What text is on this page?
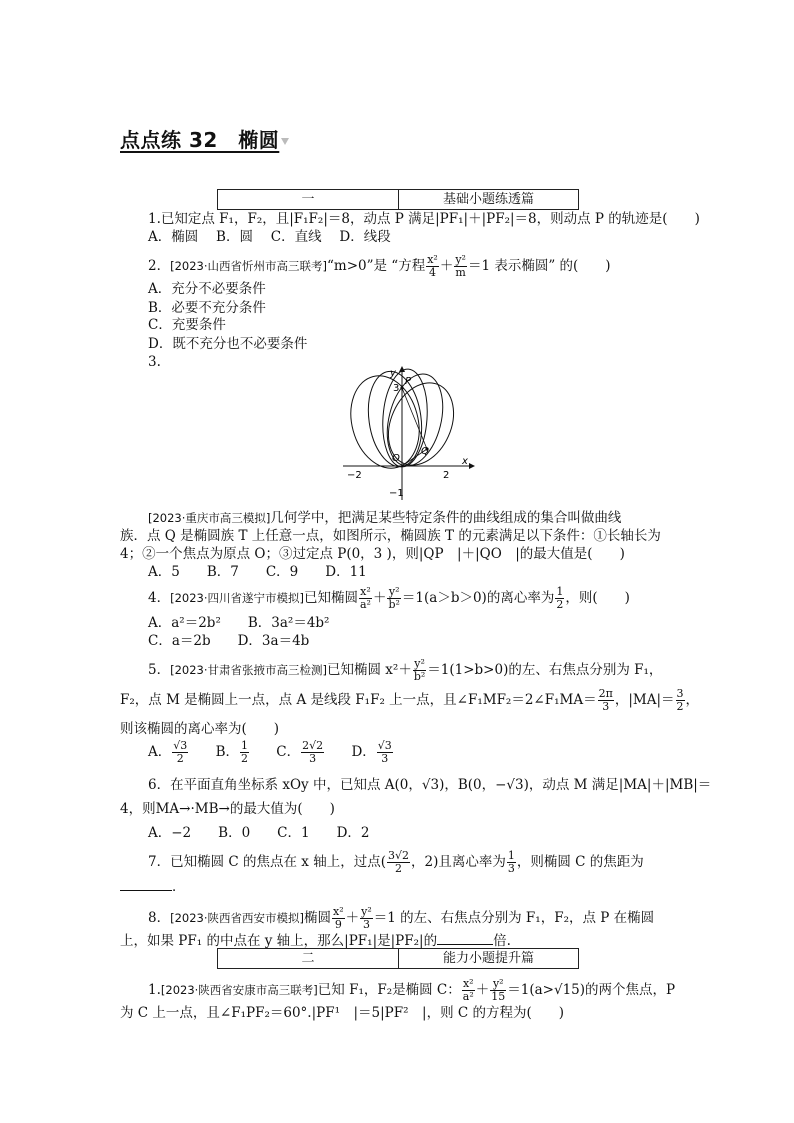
点点练 32　椭圆
一	基础小题练透篇
1.已知定点 F₁，F₂，且|F₁F₂|＝8，动点 P 满足|PF₁|＋|PF₂|＝8，则动点 P 的轨迹是(　　)
A．椭圆　 B．圆　 C．直线　 D．线段
2．[2023·山西省忻州市高三联考]“m>0”是 “方程 $\frac{\text{x²}}{4} + \frac{\text{y²}}{m} =1$ 表示椭圆” 的(　　)
A．充分不必要条件
B．必要不充分条件
C．充要条件
D．既不充分也不必要条件
3.
y
P
3
Q
O	x
−2	2
−1
[2023·重庆市高三模拟]几何学中，把满足某些特定条件的曲线组成的集合叫做曲线
族．点 Q 是椭圆族 T 上任意一点，如图所示，椭圆族 T 的元素满足以下条件：①长轴长为
4；②一个焦点为原点 O；③过定点 P(0，3 )，则|QP　|＋|QO　|的最大值是(　　)
A．5　　B．7　　C．9　　D．11
4．[2023·四川省遂宁市模拟]已知椭圆 $\frac{\text{x²}}{\text{a²}} + \frac{\text{y²}}{\text{b²}} =1(a>b>0)$的离心率为 $\frac{1}{2}$ ，则(　　)
A．a²＝2b²　　B．3a²＝4b²
C．a＝2b　　D．3a＝4b
5．[2023·甘肃省张掖市高三检测]已知椭圆 $x^2+ \frac{\text{y²}}{\text{b²}} =1(1>b>0)$的左、右焦点分别为 F₁，
F₂，点 M 是椭圆上一点，点 A 是线段 F₁F₂ 上一点，且∠F₁MF₂＝2∠F₁MA＝ $\frac{2\pi}{3}$ ，$|MA|= \frac{3}{2}$ ，
则该椭圆的离心率为(　　)
A． $\frac{√3}{2}$ B． $\frac{1}{2}$ C． $\frac{2√2}{3}$ D． $\frac{√3}{3}$
6．在平面直角坐标系 xOy 中，已知点 A(0，√3)，B(0，−√3)，动点 M 满足|MA|＋|MB|＝
4，则MA→·MB→的最大值为(　　)
A．−2　　B．0　　C．1　　D．2
7．已知椭圆 C 的焦点在 x 轴上，过点( $\frac{3√2}{2}$ ，2)且离心率为 $\frac{1}{3}$ ，则椭圆 C 的焦距为
．
8．[2023·陕西省西安市模拟]椭圆 $\frac{\text{x²}}{9} + \frac{\text{y²}}{3} =1$ 的左、右焦点分别为 F₁，F₂，点 P 在椭圆
上，如果 PF₁ 的中点在 y 轴上，那么|PF₁|是|PF₂|的	倍.
二	能力小题提升篇
1.[2023·陕西省安康市高三联考]已知 F₁，F₂是椭圆 C： $\frac{\text{x²}}{\text{a²}} + \frac{\text{y²}}{15} =1(a>√15)$的两个焦点，P
为 C 上一点，且∠F₁PF₂＝60°.|PF¹　|＝5|PF²　|，则 C 的方程为(　　)
